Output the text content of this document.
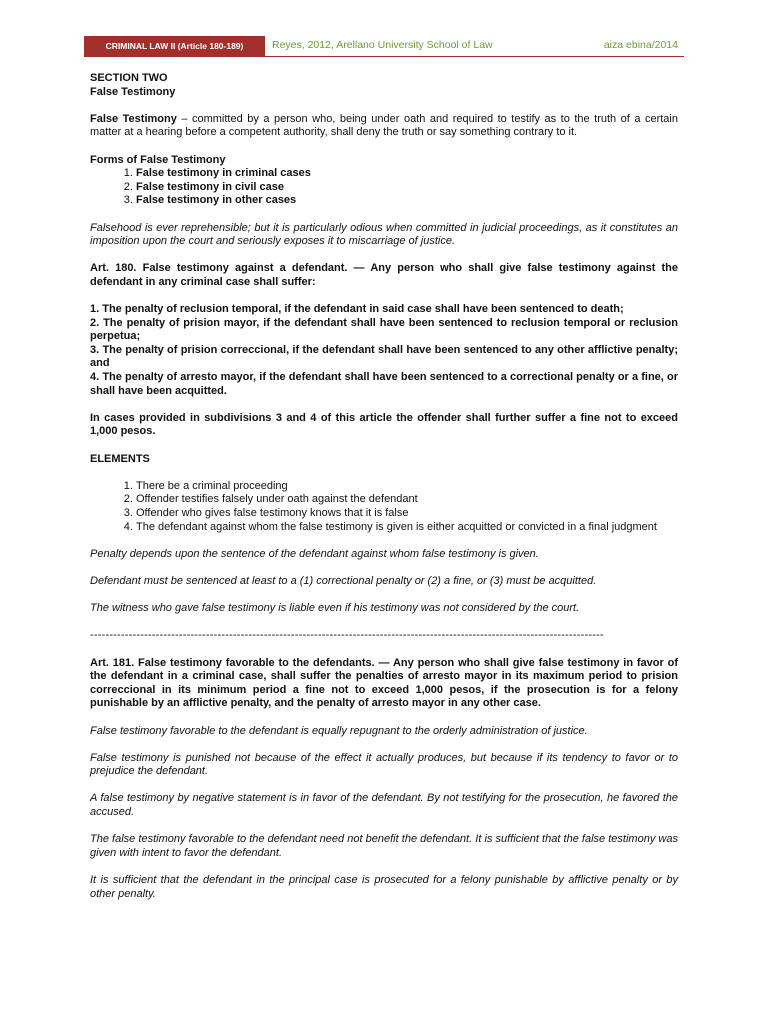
CRIMINAL LAW II (Article 180-189)	Reyes, 2012, Arellano University School of Law	aiza ebina/2014

SECTION TWO

False Testimony

False Testimony – committed by a person who, being under oath and required to testify as to the truth of a certain matter at a hearing before a competent authority, shall deny the truth or say something contrary to it.

Forms of False Testimony

1. False testimony in criminal cases
2. False testimony in civil case
3. False testimony in other cases

Falsehood is ever reprehensible; but it is particularly odious when committed in judicial proceedings, as it constitutes an imposition upon the court and seriously exposes it to miscarriage of justice.

Art. 180. False testimony against a defendant. — Any person who shall give false testimony against the defendant in any criminal case shall suffer:

1. The penalty of reclusion temporal, if the defendant in said case shall have been sentenced to death;

2. The penalty of prision mayor, if the defendant shall have been sentenced to reclusion temporal or reclusion perpetua;

3. The penalty of prision correccional, if the defendant shall have been sentenced to any other afflictive penalty; and

4. The penalty of arresto mayor, if the defendant shall have been sentenced to a correctional penalty or a fine, or shall have been acquitted.

In cases provided in subdivisions 3 and 4 of this article the offender shall further suffer a fine not to exceed 1,000 pesos.

ELEMENTS

1. There be a criminal proceeding
2. Offender testifies falsely under oath against the defendant
3. Offender who gives false testimony knows that it is false
4. The defendant against whom the false testimony is given is either acquitted or convicted in a final judgment

Penalty depends upon the sentence of the defendant against whom false testimony is given.

Defendant must be sentenced at least to a (1) correctional penalty or (2) a fine, or (3) must be acquitted.

The witness who gave false testimony is liable even if his testimony was not considered by the court.

-------------------------------------------------------------------------------------------------------------------------------------

Art. 181. False testimony favorable to the defendants. — Any person who shall give false testimony in favor of the defendant in a criminal case, shall suffer the penalties of arresto mayor in its maximum period to prision correccional in its minimum period a fine not to exceed 1,000 pesos, if the prosecution is for a felony punishable by an afflictive penalty, and the penalty of arresto mayor in any other case.

False testimony favorable to the defendant is equally repugnant to the orderly administration of justice.

False testimony is punished not because of the effect it actually produces, but because if its tendency to favor or to prejudice the defendant.

A false testimony by negative statement is in favor of the defendant. By not testifying for the prosecution, he favored the accused.

The false testimony favorable to the defendant need not benefit the defendant. It is sufficient that the false testimony was given with intent to favor the defendant.

It is sufficient that the defendant in the principal case is prosecuted for a felony punishable by afflictive penalty or by other penalty.
